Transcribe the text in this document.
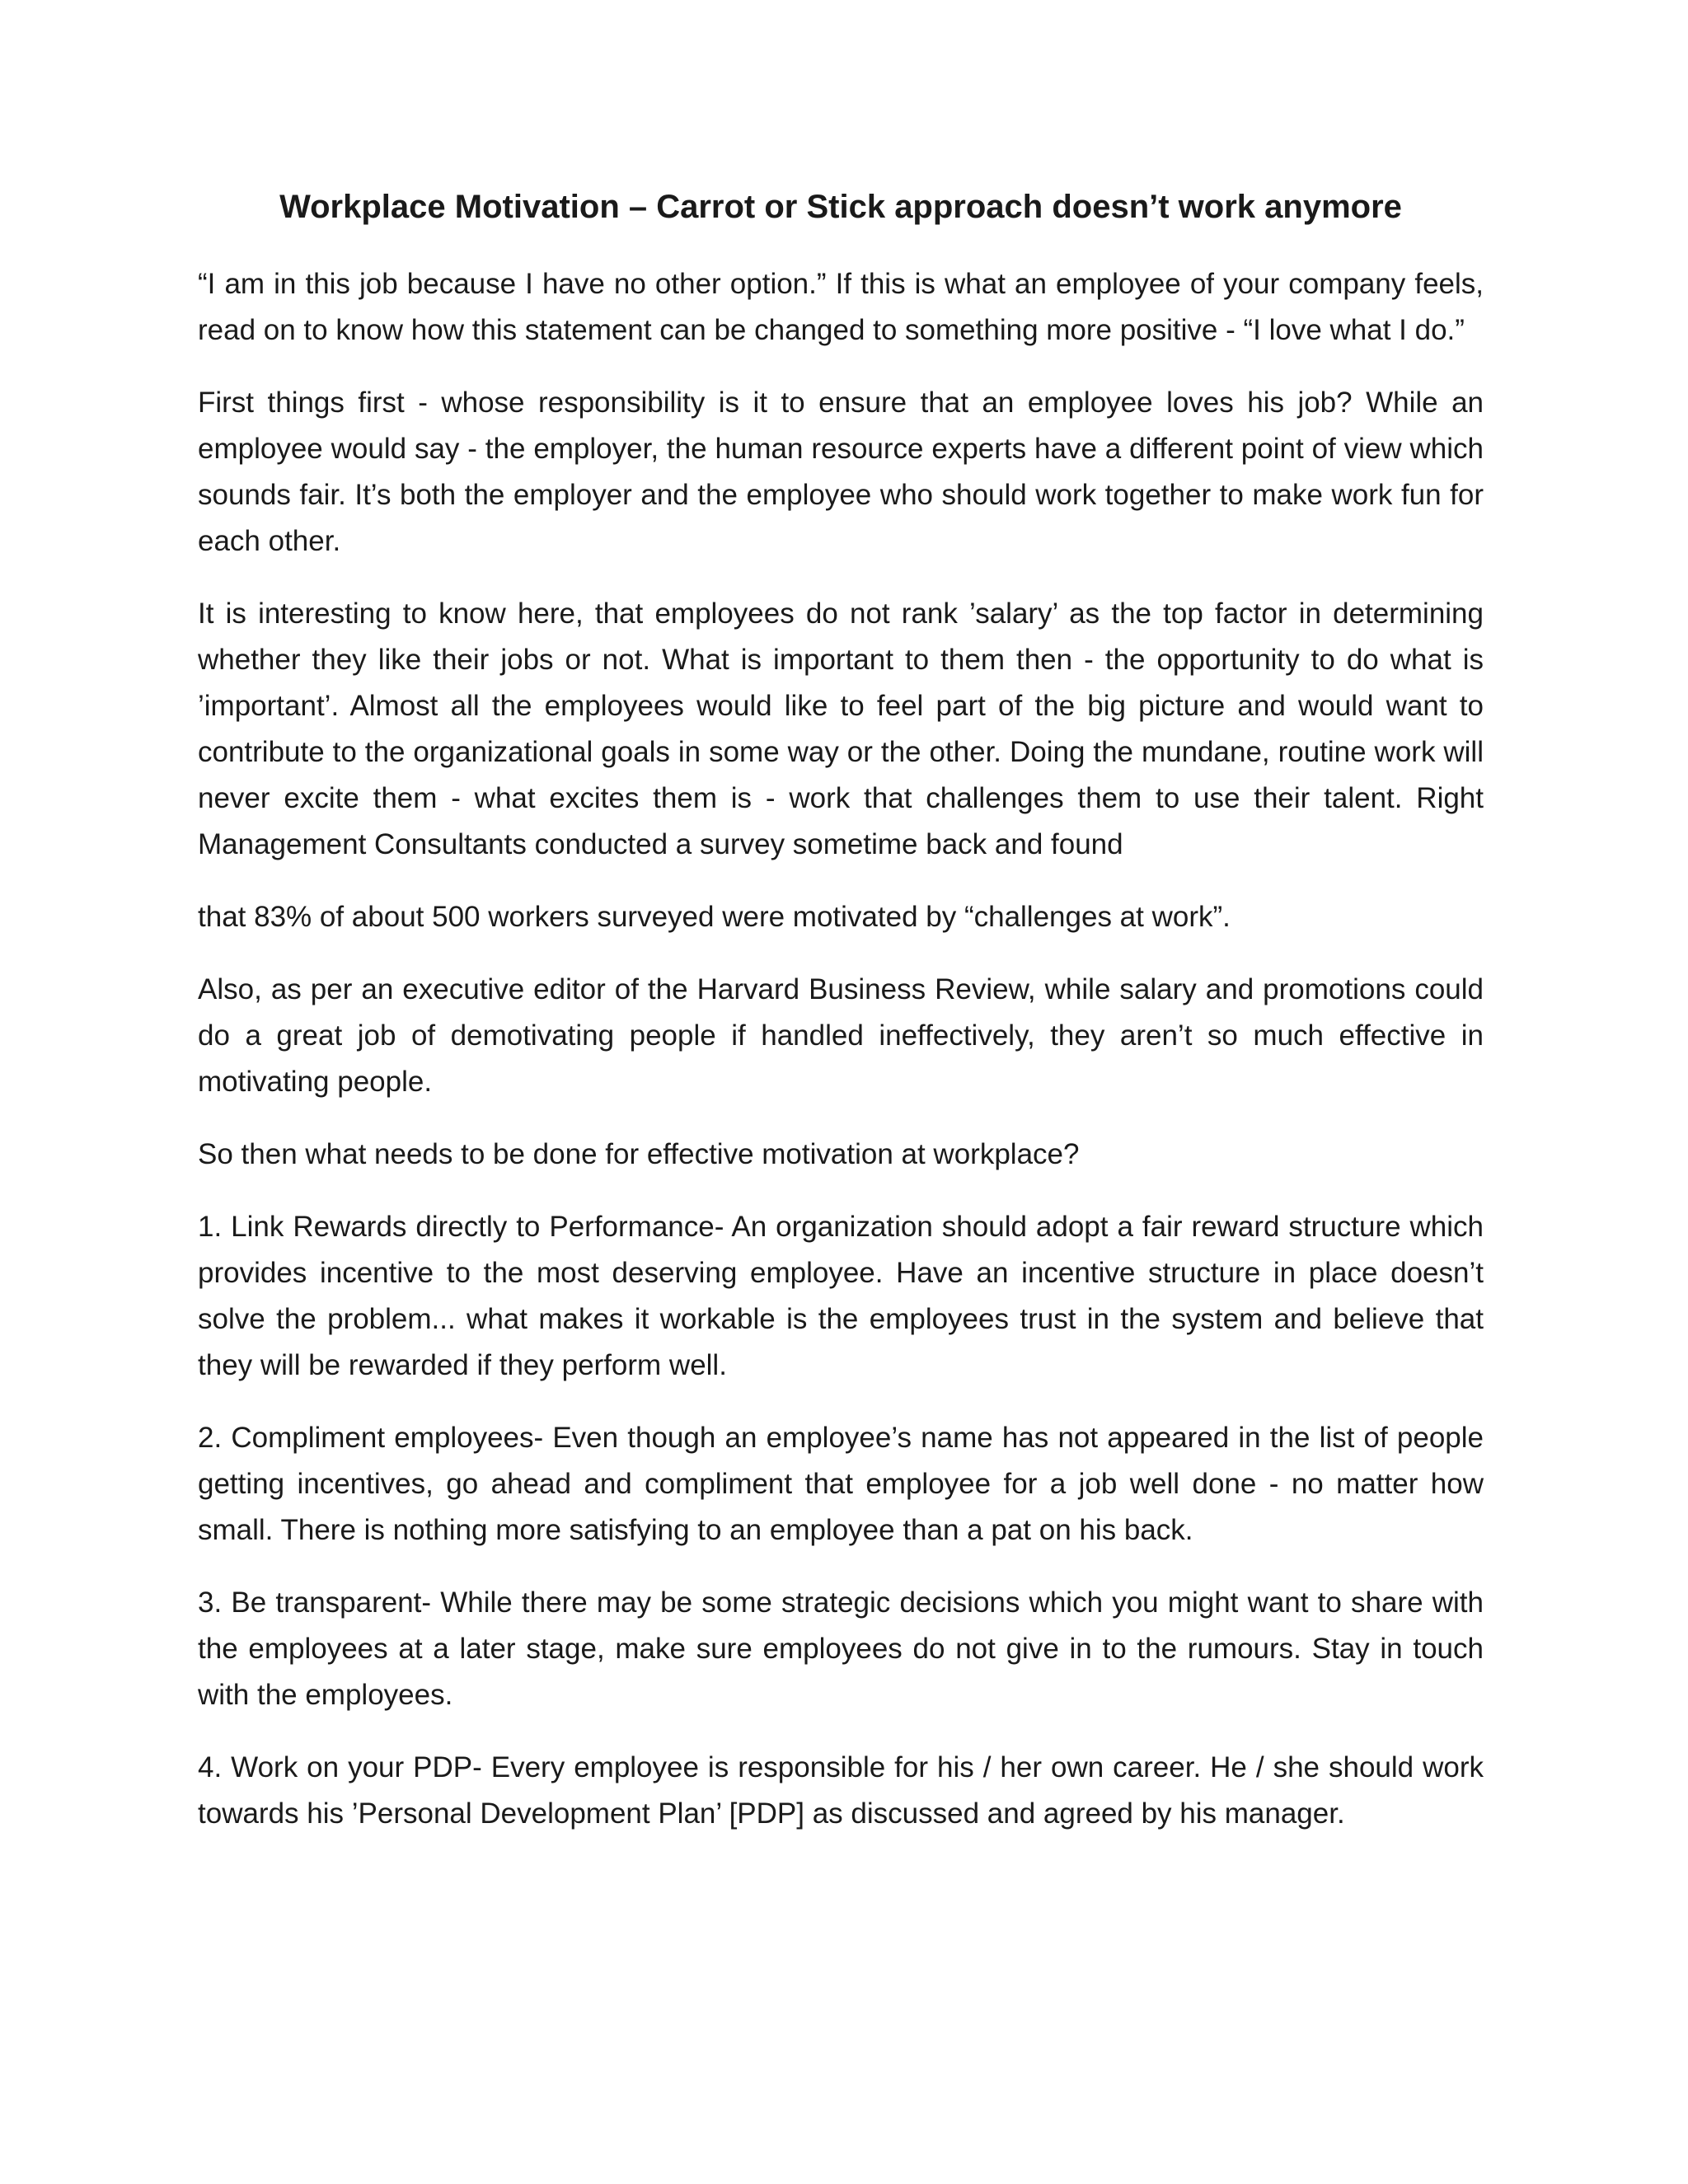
Workplace Motivation – Carrot or Stick approach doesn’t work anymore

“I am in this job because I have no other option.” If this is what an employee of your company feels, read on to know how this statement can be changed to something more positive - “I love what I do.”

First things first - whose responsibility is it to ensure that an employee loves his job? While an employee would say - the employer, the human resource experts have a different point of view which sounds fair. It’s both the employer and the employee who should work together to make work fun for each other.

It is interesting to know here, that employees do not rank ’salary’ as the top factor in determining whether they like their jobs or not. What is important to them then - the opportunity to do what is ’important’. Almost all the employees would like to feel part of the big picture and would want to contribute to the organizational goals in some way or the other. Doing the mundane, routine work will never excite them - what excites them is - work that challenges them to use their talent. Right Management Consultants conducted a survey sometime back and found

that 83% of about 500 workers surveyed were motivated by “challenges at work”.

Also, as per an executive editor of the Harvard Business Review, while salary and promotions could do a great job of demotivating people if handled ineffectively, they aren’t so much effective in motivating people.

So then what needs to be done for effective motivation at workplace?

1. Link Rewards directly to Performance- An organization should adopt a fair reward structure which provides incentive to the most deserving employee. Have an incentive structure in place doesn’t solve the problem... what makes it workable is the employees trust in the system and believe that they will be rewarded if they perform well.

2. Compliment employees- Even though an employee’s name has not appeared in the list of people getting incentives, go ahead and compliment that employee for a job well done - no matter how small. There is nothing more satisfying to an employee than a pat on his back.

3. Be transparent- While there may be some strategic decisions which you might want to share with the employees at a later stage, make sure employees do not give in to the rumours. Stay in touch with the employees.

4. Work on your PDP- Every employee is responsible for his / her own career. He / she should work towards his ’Personal Development Plan’ [PDP] as discussed and agreed by his manager.
